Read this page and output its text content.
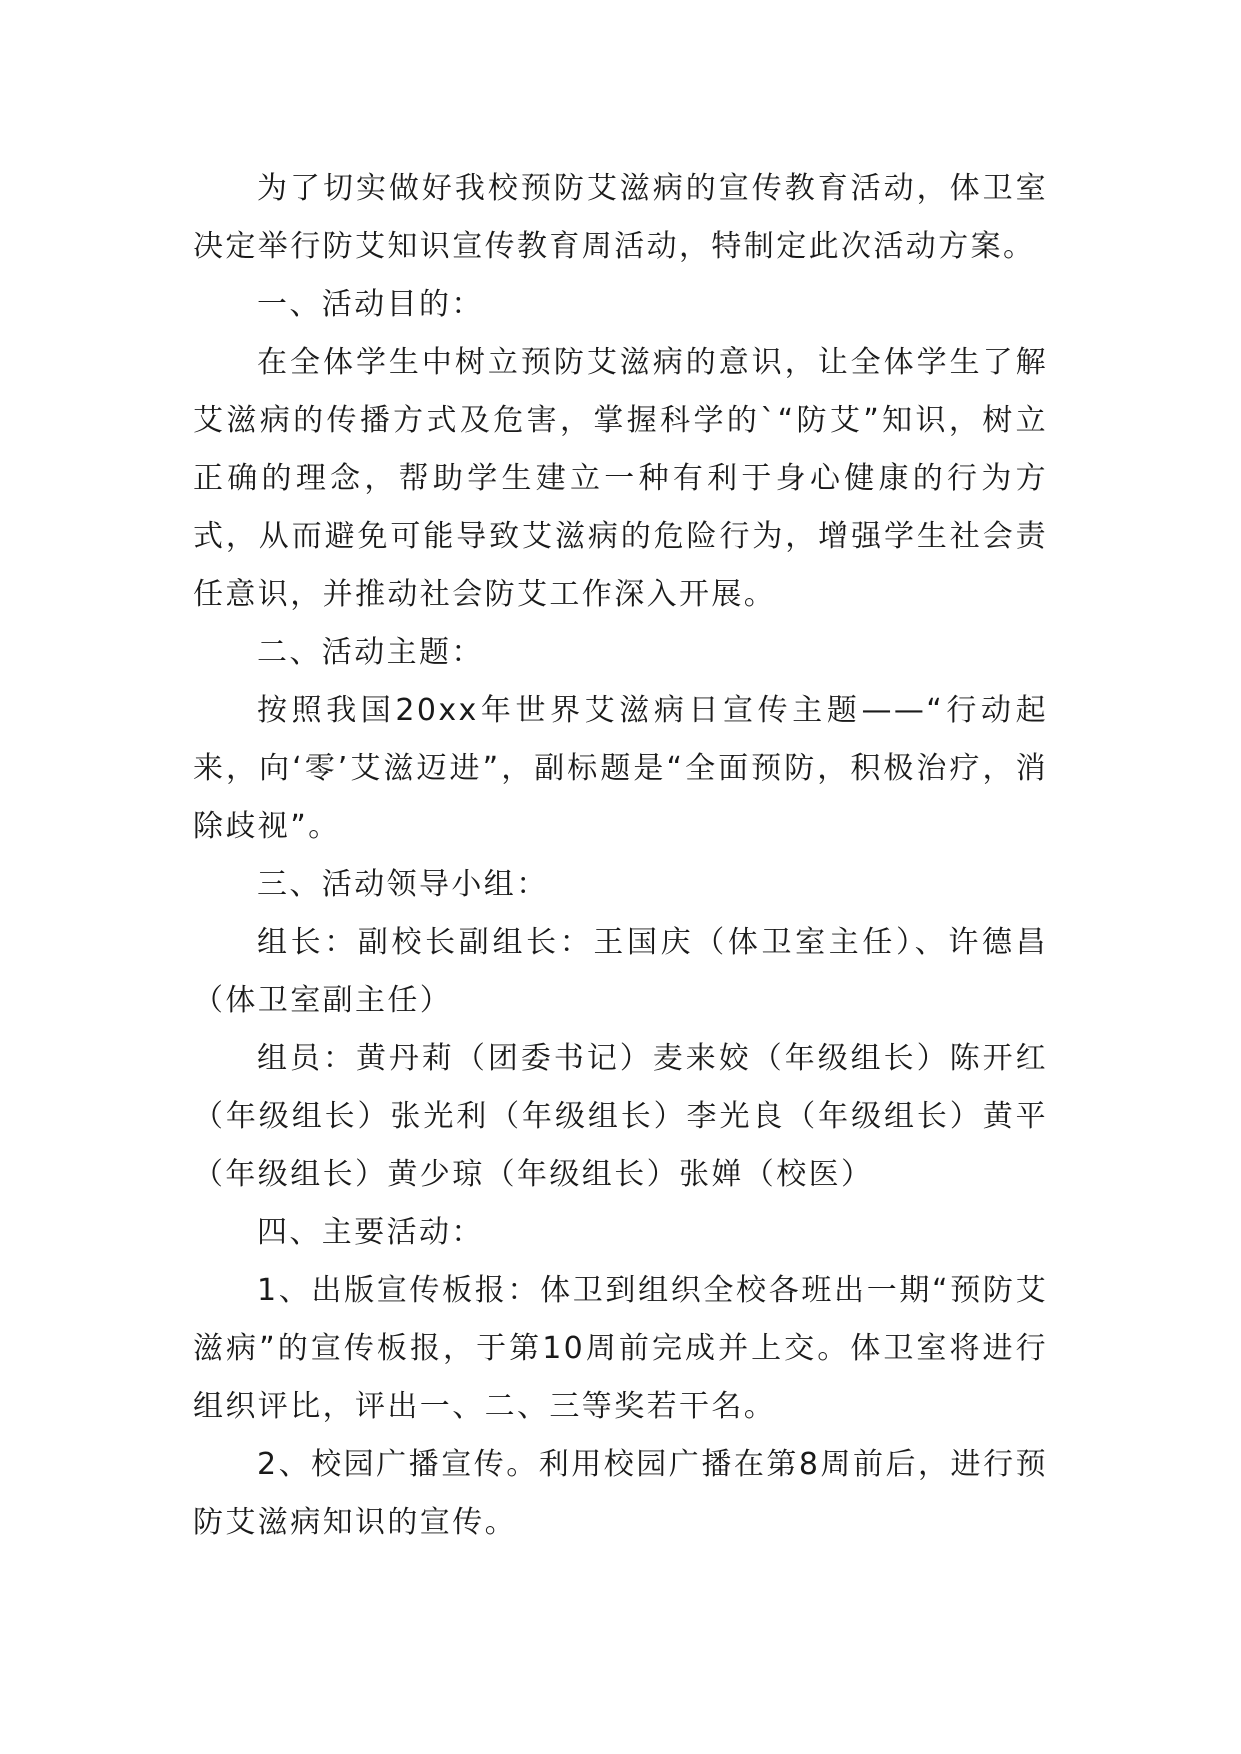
为了切实做好我校预防艾滋病的宣传教育活动，体卫室决定举行防艾知识宣传教育周活动，特制定此次活动方案。

一、活动目的：

在全体学生中树立预防艾滋病的意识，让全体学生了解艾滋病的传播方式及危害，掌握科学的`“防艾”知识，树立正确的理念，帮助学生建立一种有利于身心健康的行为方式，从而避免可能导致艾滋病的危险行为，增强学生社会责任意识，并推动社会防艾工作深入开展。

二、活动主题：

按照我国20xx年世界艾滋病日宣传主题——“行动起来，向‘零’艾滋迈进”，副标题是“全面预防，积极治疗，消除歧视”。

三、活动领导小组：

组长：副校长副组长：王国庆（体卫室主任）、许德昌（体卫室副主任）

组员：黄丹莉（团委书记）麦来姣（年级组长）陈开红（年级组长）张光利（年级组长）李光良（年级组长）黄平（年级组长）黄少琼（年级组长）张婵（校医）

四、主要活动：

1、出版宣传板报：体卫到组织全校各班出一期“预防艾滋病”的宣传板报，于第10周前完成并上交。体卫室将进行组织评比，评出一、二、三等奖若干名。

2、校园广播宣传。利用校园广播在第8周前后，进行预防艾滋病知识的宣传。
